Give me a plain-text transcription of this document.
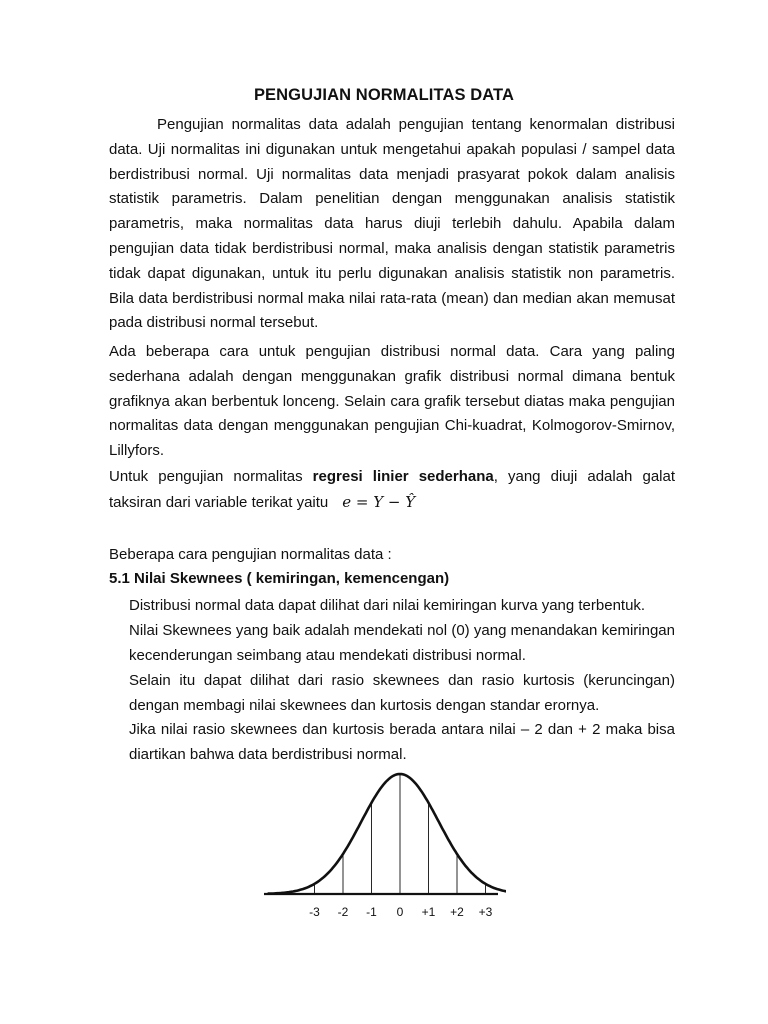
PENGUJIAN NORMALITAS DATA

Pengujian normalitas data adalah pengujian tentang kenormalan distribusi data. Uji normalitas ini digunakan untuk mengetahui apakah populasi / sampel data berdistribusi normal. Uji normalitas data menjadi prasyarat pokok dalam analisis statistik parametris. Dalam penelitian dengan menggunakan analisis statistik parametris, maka normalitas data harus diuji terlebih dahulu. Apabila dalam pengujian data tidak berdistribusi normal, maka analisis dengan statistik parametris tidak dapat digunakan, untuk itu perlu digunakan analisis statistik non parametris. Bila data berdistribusi normal maka nilai rata-rata (mean) dan median akan memusat pada distribusi normal tersebut.

Ada beberapa cara untuk pengujian distribusi normal data. Cara yang paling sederhana adalah dengan menggunakan grafik distribusi normal dimana bentuk grafiknya akan berbentuk lonceng. Selain cara grafik tersebut diatas maka pengujian normalitas data dengan menggunakan pengujian Chi-kuadrat, Kolmogorov-Smirnov, Lillyfors.

Untuk pengujian normalitas regresi linier sederhana, yang diuji adalah galat taksiran dari variable terikat yaitu e = Y − Ŷ

Beberapa cara pengujian normalitas data :

5.1 Nilai Skewnees ( kemiringan, kemencengan)

Distribusi normal data dapat dilihat dari nilai kemiringan kurva yang terbentuk.

Nilai Skewnees yang baik adalah mendekati nol (0) yang menandakan kemiringan kecenderungan seimbang atau mendekati distribusi normal.

Selain itu dapat dilihat dari rasio skewnees dan rasio kurtosis (keruncingan) dengan membagi nilai skewnees dan kurtosis dengan standar erornya.

Jika nilai rasio skewnees dan kurtosis berada antara nilai – 2 dan + 2 maka bisa diartikan bahwa data berdistribusi normal.

-3 -2 -1 0 +1 +2 +3
